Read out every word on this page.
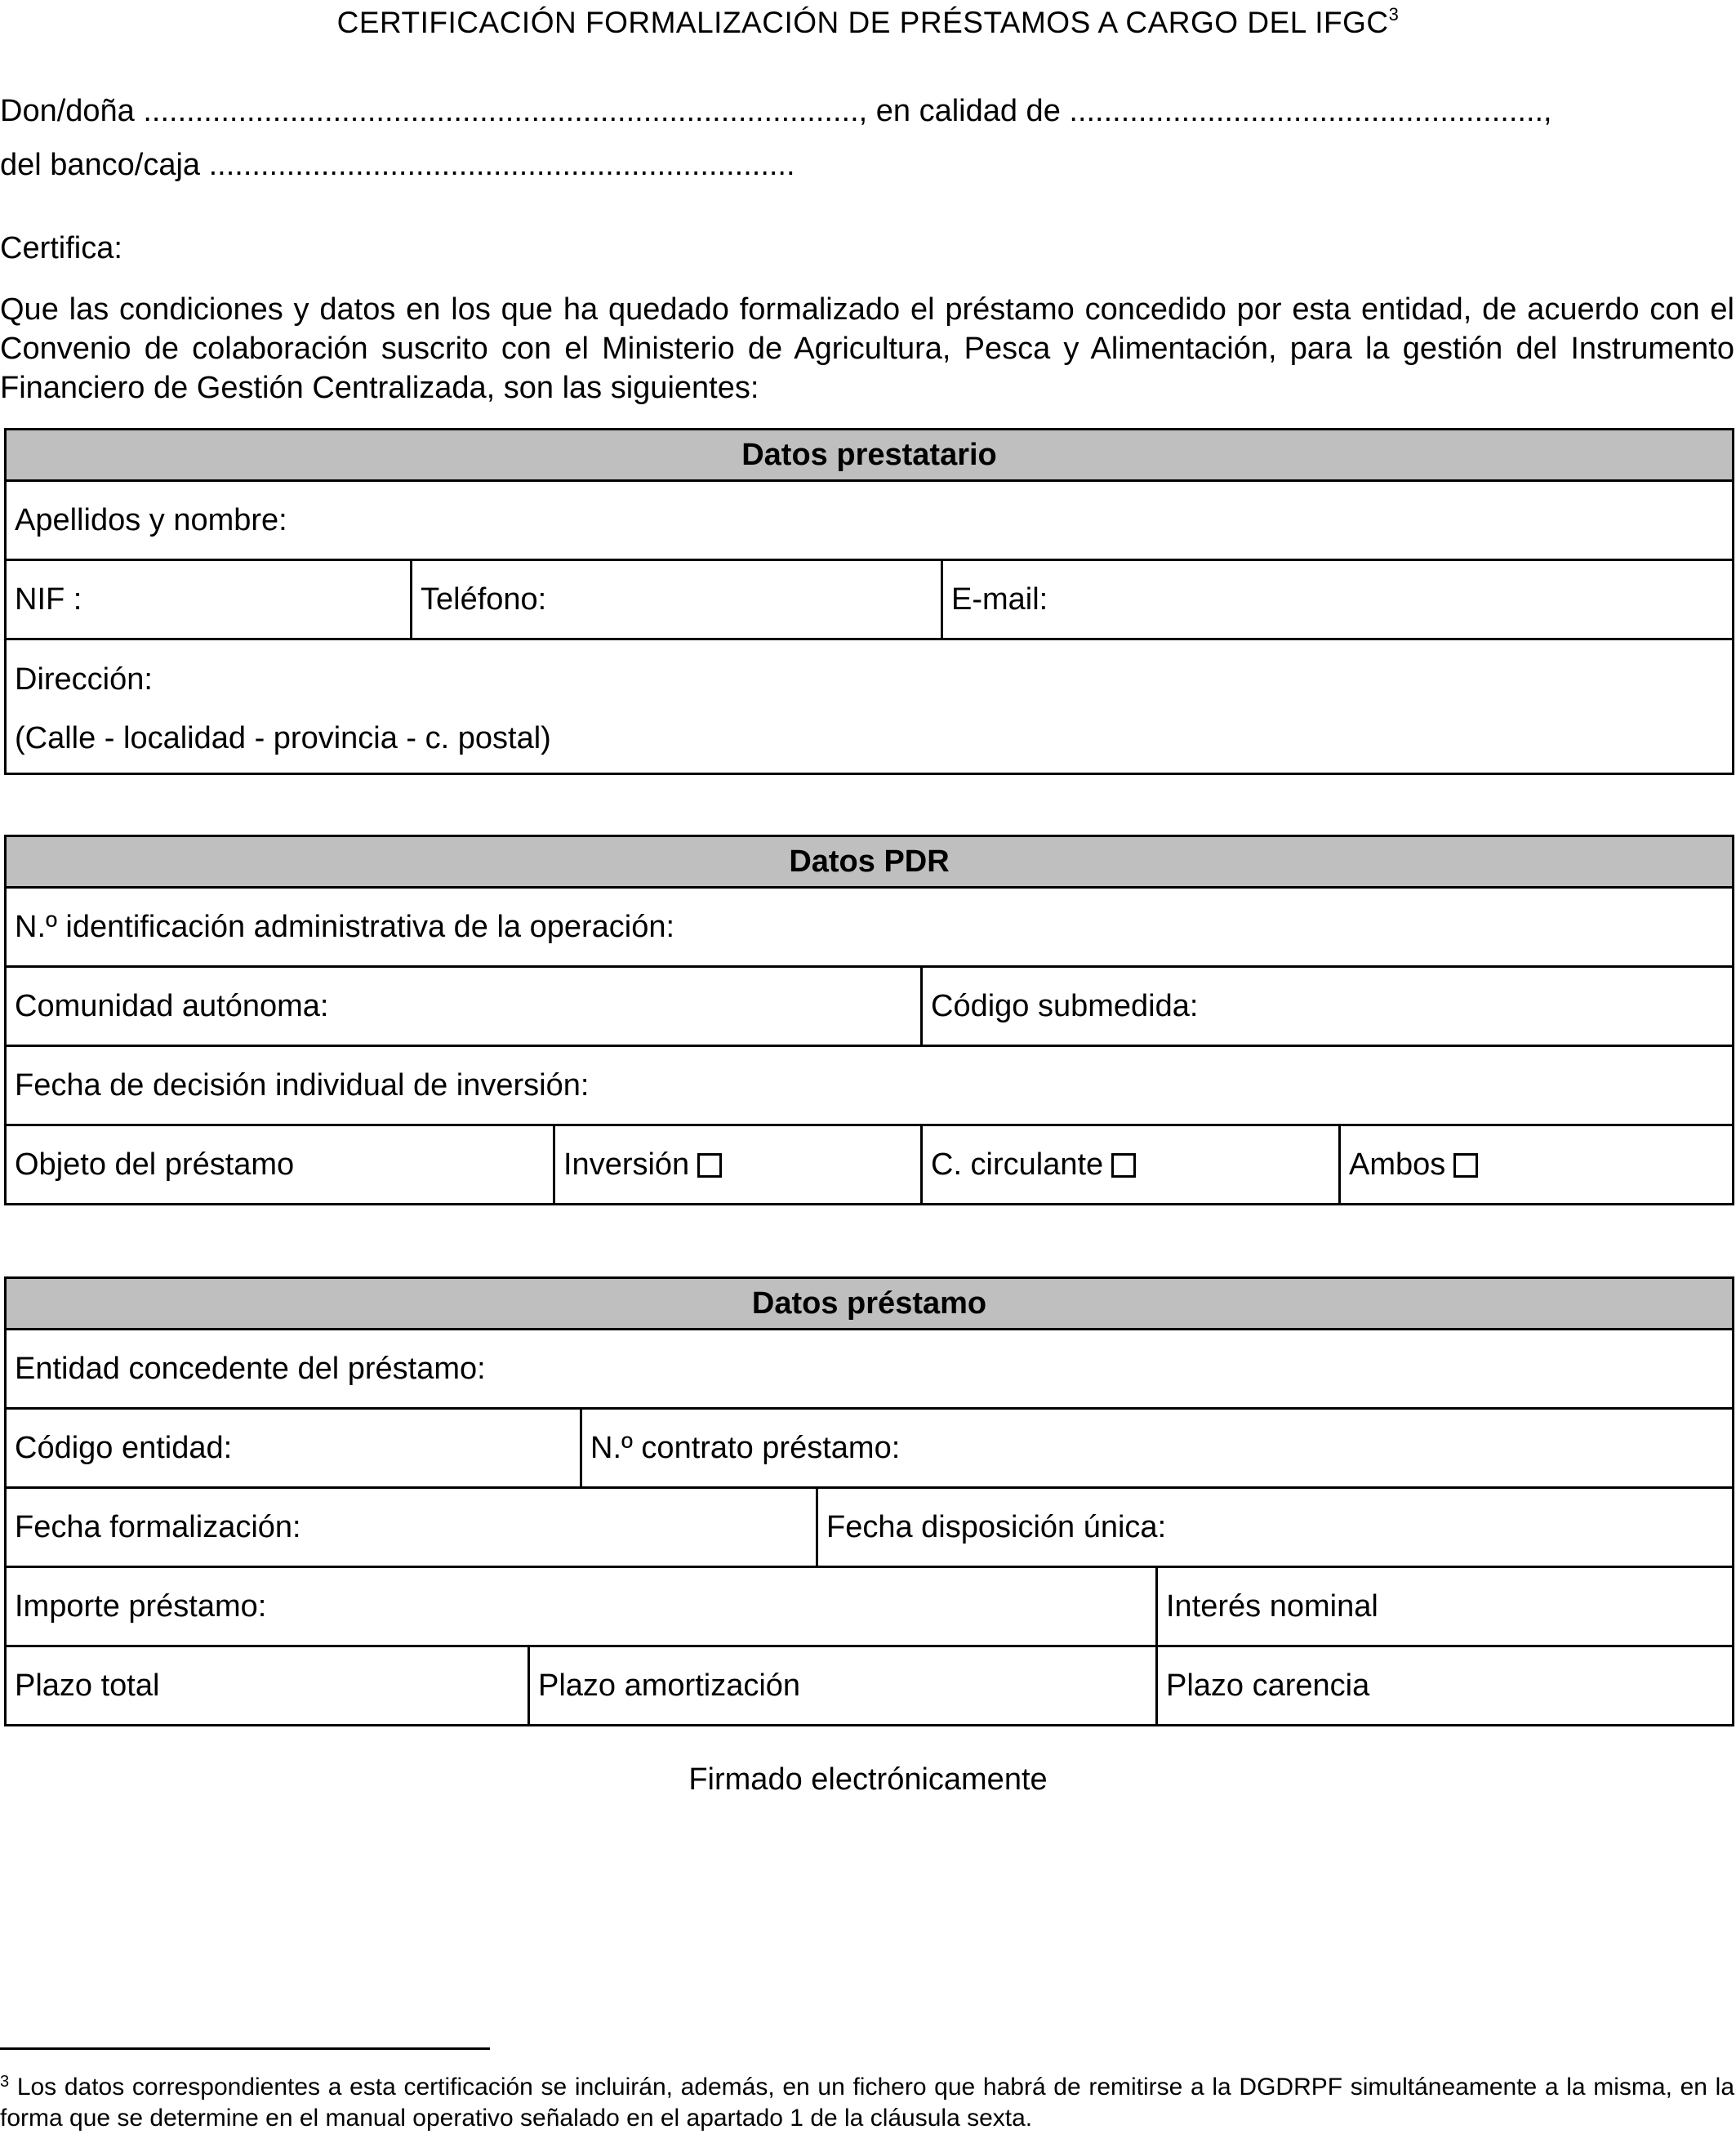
CERTIFICACIÓN FORMALIZACIÓN DE PRÉSTAMOS A CARGO DEL IFGC$^3$
Don/doña ..................................................................................., en calidad de .......................................................,
del banco/caja ....................................................................
Certifica:
Que las condiciones y datos en los que ha quedado formalizado el préstamo concedido por esta entidad, de acuerdo con el Convenio de colaboración suscrito con el Ministerio de Agricultura, Pesca y Alimentación, para la gestión del Instrumento Financiero de Gestión Centralizada, son las siguientes:
Datos prestatario
Apellidos y nombre:
NIF :	Teléfono:	E-mail:
Dirección:
(Calle - localidad - provincia - c. postal)
Datos PDR			
N.º identificación administrativa de la operación:			
Comunidad autónoma:		Código submedida:	
Fecha de decisión individual de inversión:			
Objeto del préstamo	Inversión	C. circulante	Ambos
Datos préstamo				
Entidad concedente del préstamo:				
Código entidad:		N.º contrato préstamo:		
Fecha formalización:			Fecha disposición única:	
Importe préstamo:				Interés nominal
Plazo total	Plazo amortización			Plazo carencia
Firmado electrónicamente
$^3$ Los datos correspondientes a esta certificación se incluirán, además, en un fichero que habrá de remitirse a la DGDRPF simultáneamente a la misma, en la forma que se determine en el manual operativo señalado en el apartado 1 de la cláusula sexta.
